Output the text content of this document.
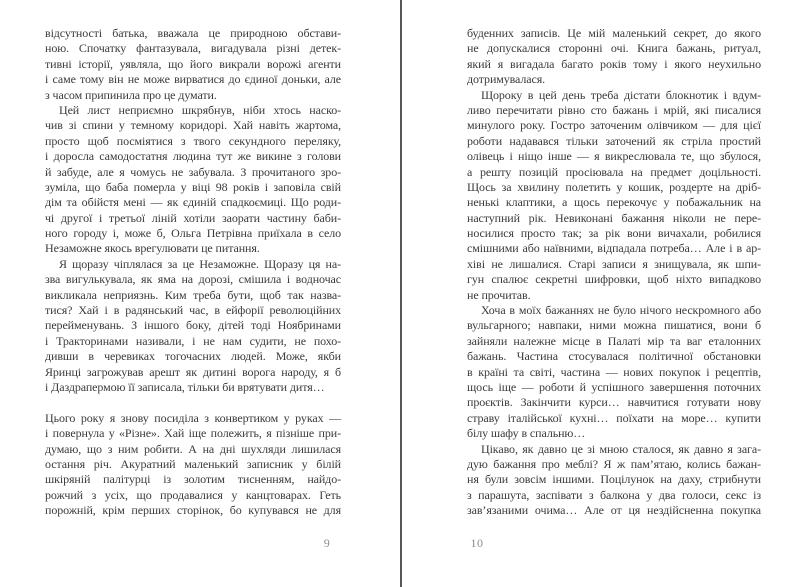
відсутності батька, вважала це природною обстави-
ною. Спочатку фантазувала, вигадувала різні детек-
тивні історії, уявляла, що його викрали ворожі агенти
і саме тому він не може вирватися до єдиної доньки, але
з часом припинила про це думати.
Цей лист неприємно шкрябнув, ніби хтось наско-
чив зі спини у темному коридорі. Хай навіть жартома,
просто щоб посміятися з твого секундного переляку,
і доросла самодостатня людина тут же викине з голови
й забуде, але я чомусь не забувала. З прочитаного зро-
зуміла, що баба померла у віці 98 років і заповіла свій
дім та обійстя мені — як єдиній спадкоємиці. Що роди-
чі другої і третьої ліній хотіли заорати частину баби-
ного городу і, може б, Ольга Петрівна приїхала в село
Незаможне якось врегулювати це питання.
Я щоразу чіплялася за це Незаможне. Щоразу ця на-
зва вигулькувала, як яма на дорозі, смішила і водночас
викликала неприязнь. Ким треба бути, щоб так назва-
тися? Хай і в радянський час, в ейфорії революційних
перейменувань. З іншого боку, дітей тоді Ноябринами
і Тракторинами називали, і не нам судити, не похо-
дивши в черевиках тогочасних людей. Може, якби
Яринці загрожував арешт як дитині ворога народу, я б
і Даздрапермою її записала, тільки би врятувати дитя…
Цього року я знову посиділа з конвертиком у руках —
і повернула у «Різне». Хай іще полежить, я пізніше при-
думаю, що з ним робити. А на дні шухляди лишилася
остання річ. Акуратний маленький записник у білій
шкіряній палітурці із золотим тисненням, найдо-
рожчий з усіх, що продавалися у канцтоварах. Геть
порожній, крім перших сторінок, бо купувався не для
9
буденних записів. Це мій маленький секрет, до якого
не допускалися сторонні очі. Книга бажань, ритуал,
який я вигадала багато років тому і якого неухильно
дотримувалася.
Щороку в цей день треба дістати блокнотик і вдум-
ливо перечитати рівно сто бажань і мрій, які писалися
минулого року. Гостро заточеним олівчиком — для цієї
роботи надавався тільки заточений як стріла простий
олівець і ніщо інше — я викреслювала те, що збулося,
а решту позицій просіювала на предмет доцільності.
Щось за хвилину полетить у кошик, роздерте на дріб-
ненькі клаптики, а щось перекочує у побажальник на
наступний рік. Невиконані бажання ніколи не пере-
носилися просто так; за рік вони вичахали, робилися
смішними або наївними, відпадала потреба… Але і в ар-
хіві не лишалися. Старі записи я знищувала, як шпи-
гун спалює секретні шифровки, щоб ніхто випадково
не прочитав.
Хоча в моїх бажаннях не було нічого нескромного або
вульгарного; навпаки, ними можна пишатися, вони б
зайняли належне місце в Палаті мір та ваг еталонних
бажань. Частина стосувалася політичної обстановки
в країні та світі, частина — нових покупок і рецептів,
щось іще — роботи й успішного завершення поточних
проєктів. Закінчити курси… навчитися готувати нову
страву італійської кухні… поїхати на море… купити
білу шафу в спальню…
Цікаво, як давно це зі мною сталося, як давно я зага-
дую бажання про меблі? Я ж пам’ятаю, колись бажан-
ня були зовсім іншими. Поцілунок на даху, стрибнути
з парашута, заспівати з балкона у два голоси, секс із
зав’язаними очима… Але от ця нездійсненна покупка
10
